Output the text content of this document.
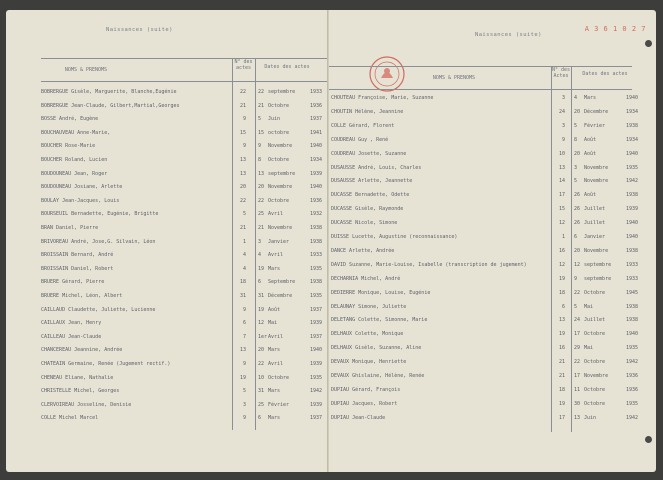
Naissances (suite)
NOMS & PRENOMS
N° des actes	Dates des actes
BOBRERGUE Gisèle, Marguerite, Blanche,Eugénie	22 22 septembre	1933
BOBRERGUE Jean-Claude, Gilbert,Martial,Georges	21 21 Octobre	1936
BOSSE André, Eugène	9 5 Juin	1937
BOUCHAUVEAU Anne-Marie,	15 15 octobre	1941
BOUCHER Rose-Marie	9 9 Novembre	1940
BOUCHER Roland, Lucien	13 8 Octobre	1934
BOUDOUNEAU Jean, Roger	13 13 septembre	1939
BOUDOUNEAU Josiane, Arlette	20 20 Novembre	1940
BOULAY Jean-Jacques, Louis	22 22 Octobre	1936
BOURSEUIL Bernadette, Eugénie, Brigitte	5 25 Avril	1932
BRAN Daniel, Pierre	21 21 Novembre	1938
BRIVOREAU André, Jose,G. Silvain, Léon	1 3 Janvier	1938
BROISSAIN Bernard, André	4 4 Avril	1933
BROISSAIN Daniel, Robert	4 19 Mars	1935
BRUERE Gérard, Pierre	18 6 Septembre	1938
BRUERE Michel, Léon, Albert	31 31 Décembre	1935
CAILLAUD Claudette, Juliette, Lucienne	9 19 Août	1937
CAILLAUX Jean, Henry	6 12 Mai	1939
CAILLEAU Jean-Claude	7 1er Avril	1937
CHANCEREAU Jeannine, Andrée	13 20 Mars	1940
CHATEAIN Germaine, Renée (Jugement rectif.)	9 22 Avril	1939
CHENEAU Eliane, Nathalie	19 10 Octobre	1935
CHRISTELLE Michel, Georges	5 31 Mars	1942
CLERVOIREAU Josseline, Denisie	3 25 Février	1939
COLLE Michel Marcel	9 6 Mars	1937
Naissances (suite)
A 3 6 1 0 2 7
NOMS & PRENOMS
N° des Actes	Dates des actes
CHOUTEAU Françoise, Marie, Suzanne	3 4 Mars	1940
CHOUTIN Hélène, Jeannine	24 20 Décembre	1934
COLLE Gérard, Florent	3 5 Février	1938
COUDREAU Guy , René	9 8 Août	1934
COUDREAU Josette, Suzanne	10 20 Août	1940
DUSAUSSE André, Louis, Charles	13 3 Novembre	1935
DUSAUSSE Arlette, Jeannette	14 5 Novembre	1942
DUCASSE Bernadette, Odette	17 26 Août	1938
DUCASSE Gisèle, Raymonde	15 26 Juillet	1939
DUCASSE Nicole, Simone	12 26 Juillet	1940
DUISSE Lucette, Augustine (reconnaissance)	1 6 Janvier	1940
DANCE Arlette, Andrée	16 20 Novembre	1938
DAVID Suzanne, Marie-Louise, Isabelle (transcription de jugement)	12 12 septembre	1933
DECHARNIA Michel, André	19 9 septembre	1933
DEDIERRE Monique, Louise, Eugénie	18 22 Octobre	1945
DELAUNAY Simone, Juliette	6 5 Mai	1938
DELETANG Colette, Simonne, Marie	13 24 Juillet	1938
DELHAUX Colette, Monique	19 17 Octobre	1940
DELHAUX Gisèle, Suzanne, Aline	16 29 Mai	1935
DEVAUX Monique, Henriette	21 22 Octobre	1942
DEVAUX Ghislaine, Hélène, Renée	21 17 Novembre	1936
DUPIAU Gérard, François	18 11 Octobre	1936
DUPIAU Jacques, Robert	19 30 Octobre	1935
DUPIAU Jean-Claude	17 13 Juin	1942
